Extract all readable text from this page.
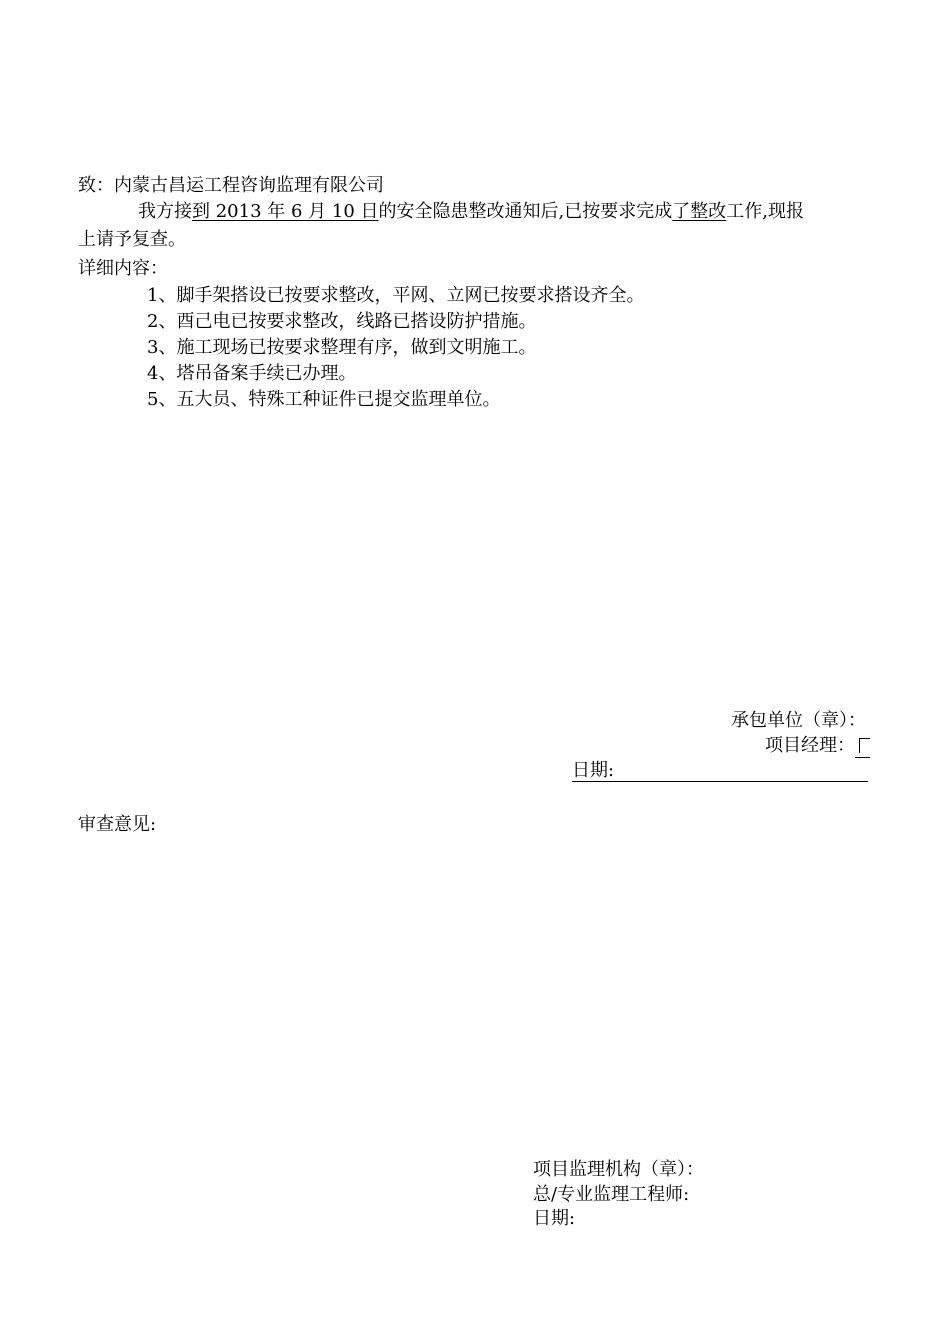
致：内蒙古昌运工程咨询监理有限公司
我方接到 2013 年 6 月 10 日的安全隐患整改通知后,已按要求完成了整改工作,现报
上请予复查。
详细内容：
1、脚手架搭设已按要求整改，平网、立网已按要求搭设齐全。
2、酉己电已按要求整改，线路已搭设防护措施。
3、施工现场已按要求整理有序，做到文明施工。
4、塔吊备案手续已办理。
5、五大员、特殊工种证件已提交监理单位。
承包单位（章）：
项目经理：
日期:
审查意见:
项目监理机构（章）：
总/专业监理工程师:
日期:
